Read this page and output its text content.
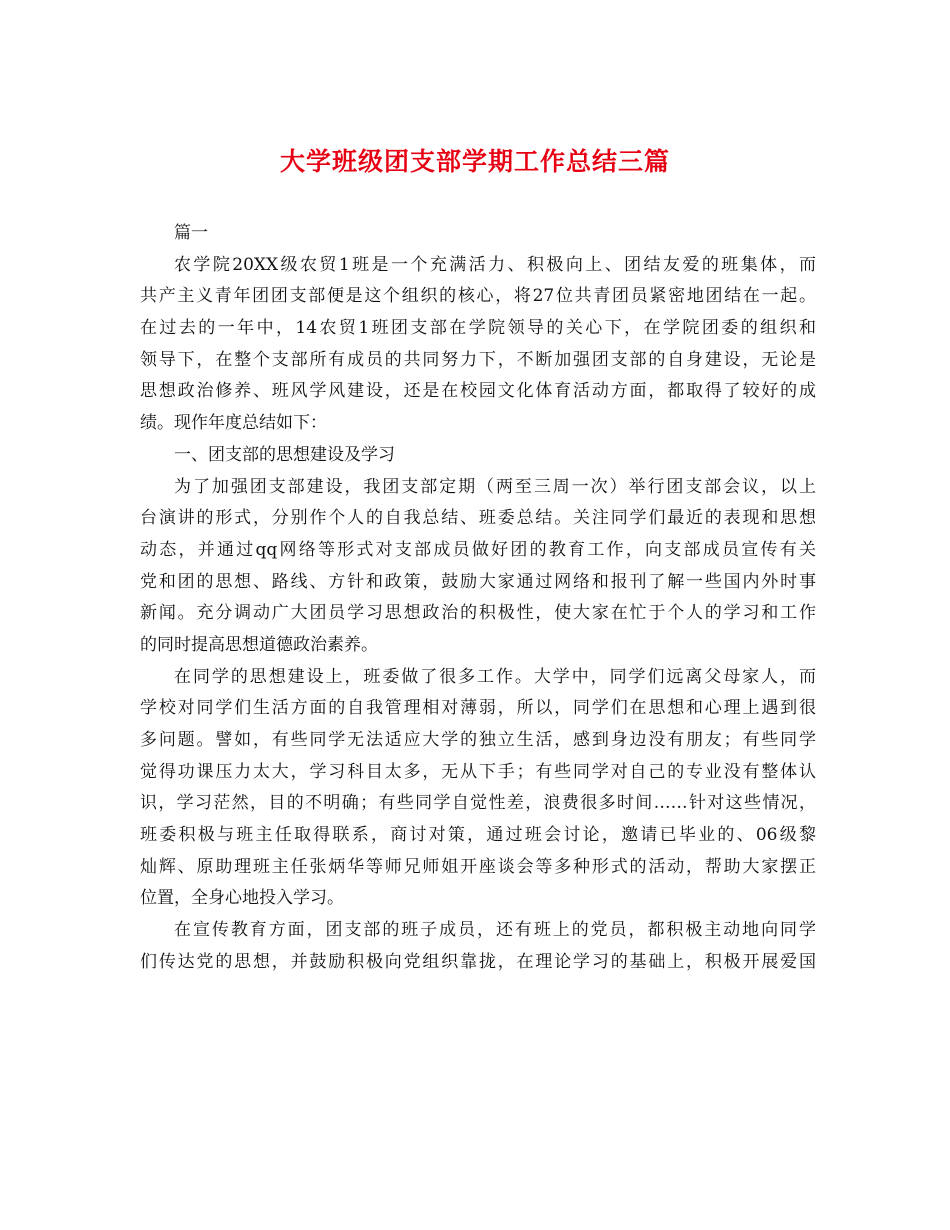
大学班级团支部学期工作总结三篇
篇一
农学院20XX级农贸1班是一个充满活力、积极向上、团结友爱的班集体，而
共产主义青年团团支部便是这个组织的核心，将27位共青团员紧密地团结在一起。
在过去的一年中，14农贸1班团支部在学院领导的关心下，在学院团委的组织和
领导下，在整个支部所有成员的共同努力下，不断加强团支部的自身建设，无论是
思想政治修养、班风学风建设，还是在校园文化体育活动方面，都取得了较好的成
绩。现作年度总结如下：
一、团支部的思想建设及学习
为了加强团支部建设，我团支部定期（两至三周一次）举行团支部会议，以上
台演讲的形式，分别作个人的自我总结、班委总结。关注同学们最近的表现和思想
动态，并通过qq网络等形式对支部成员做好团的教育工作，向支部成员宣传有关
党和团的思想、路线、方针和政策，鼓励大家通过网络和报刊了解一些国内外时事
新闻。充分调动广大团员学习思想政治的积极性，使大家在忙于个人的学习和工作
的同时提高思想道德政治素养。
在同学的思想建设上，班委做了很多工作。大学中，同学们远离父母家人，而
学校对同学们生活方面的自我管理相对薄弱，所以，同学们在思想和心理上遇到很
多问题。譬如，有些同学无法适应大学的独立生活，感到身边没有朋友；有些同学
觉得功课压力太大，学习科目太多，无从下手；有些同学对自己的专业没有整体认
识，学习茫然，目的不明确；有些同学自觉性差，浪费很多时间……针对这些情况，
班委积极与班主任取得联系，商讨对策，通过班会讨论，邀请已毕业的、06级黎
灿辉、原助理班主任张炳华等师兄师姐开座谈会等多种形式的活动，帮助大家摆正
位置，全身心地投入学习。
在宣传教育方面，团支部的班子成员，还有班上的党员，都积极主动地向同学
们传达党的思想，并鼓励积极向党组织靠拢，在理论学习的基础上，积极开展爱国
